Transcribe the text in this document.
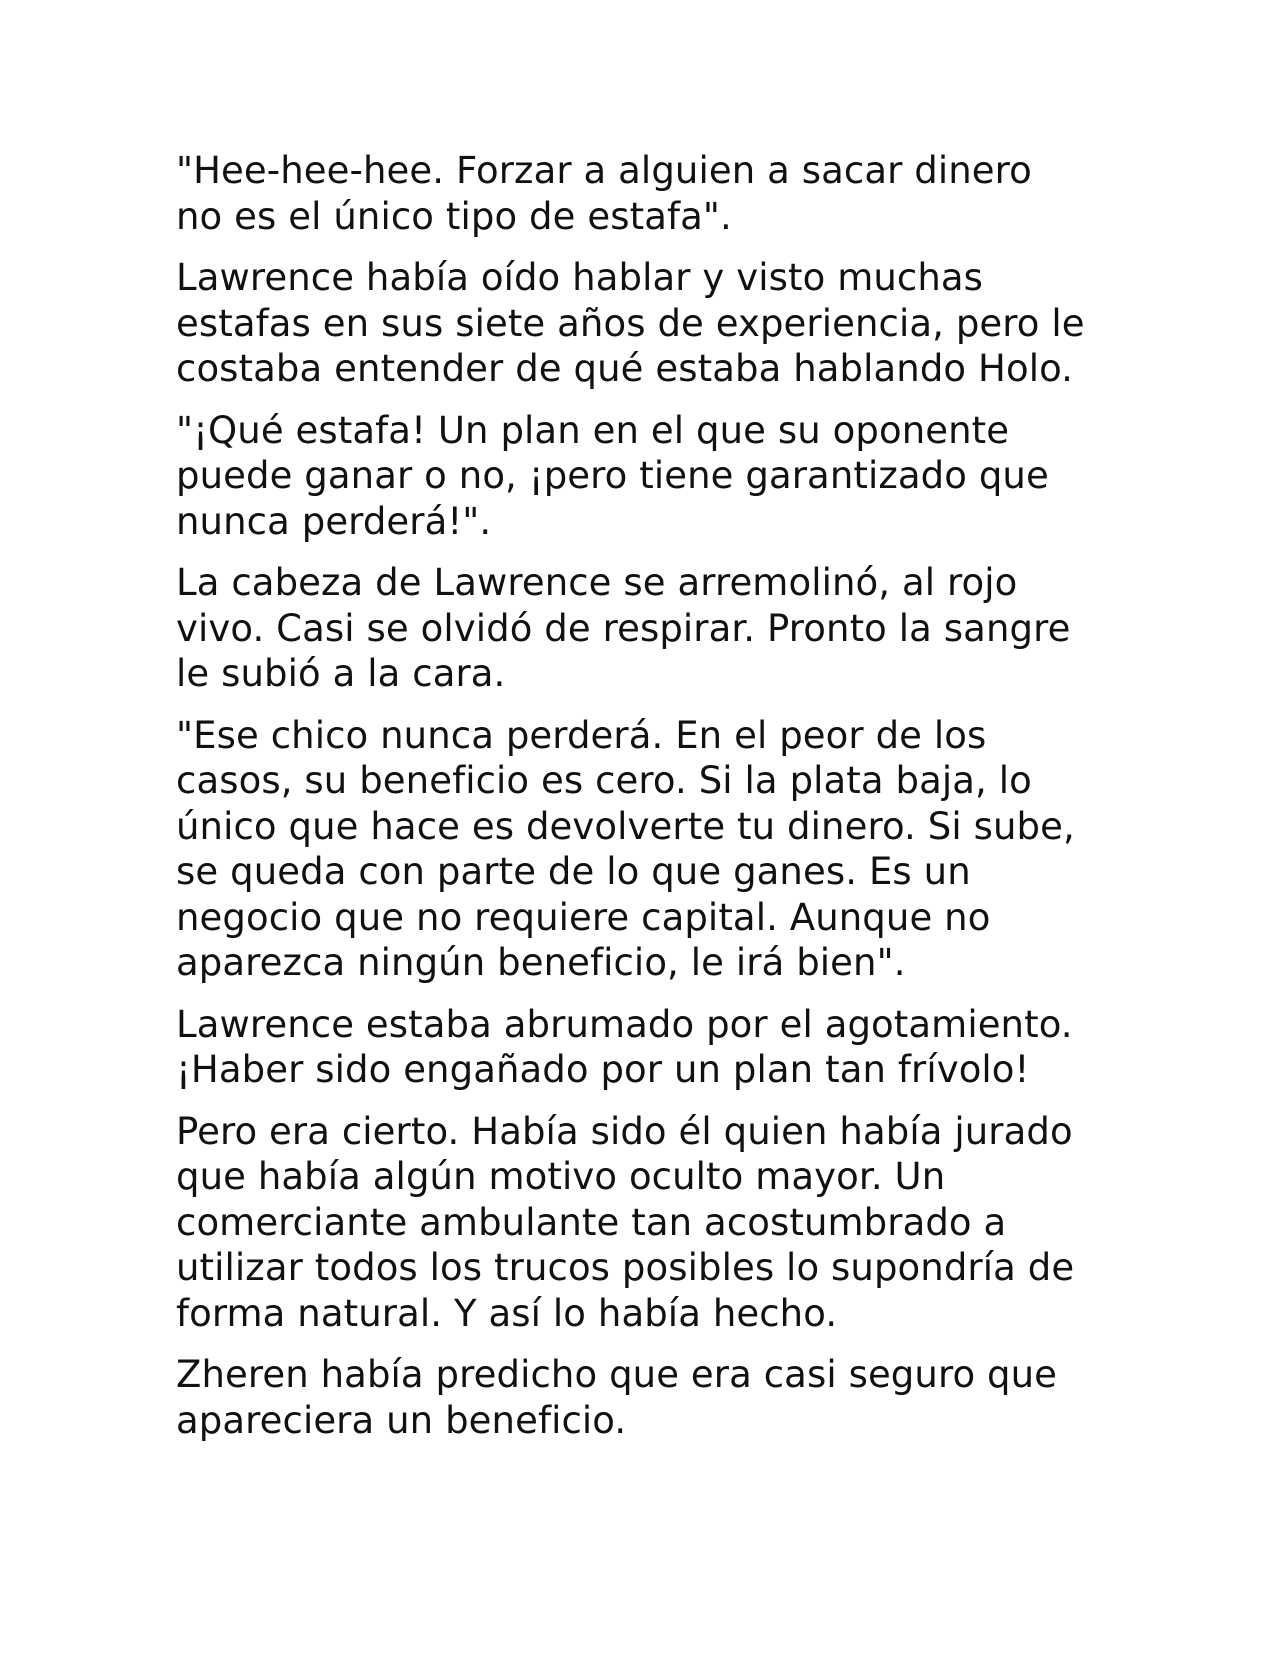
"Hee-hee-hee. Forzar a alguien a sacar dinero
no es el único tipo de estafa".

Lawrence había oído hablar y visto muchas
estafas en sus siete años de experiencia, pero le
costaba entender de qué estaba hablando Holo.

"¡Qué estafa! Un plan en el que su oponente
puede ganar o no, ¡pero tiene garantizado que
nunca perderá!".

La cabeza de Lawrence se arremolinó, al rojo
vivo. Casi se olvidó de respirar. Pronto la sangre
le subió a la cara.

"Ese chico nunca perderá. En el peor de los
casos, su beneficio es cero. Si la plata baja, lo
único que hace es devolverte tu dinero. Si sube,
se queda con parte de lo que ganes. Es un
negocio que no requiere capital. Aunque no
aparezca ningún beneficio, le irá bien".

Lawrence estaba abrumado por el agotamiento.
¡Haber sido engañado por un plan tan frívolo!

Pero era cierto. Había sido él quien había jurado
que había algún motivo oculto mayor. Un
comerciante ambulante tan acostumbrado a
utilizar todos los trucos posibles lo supondría de
forma natural. Y así lo había hecho.

Zheren había predicho que era casi seguro que
apareciera un beneficio.
